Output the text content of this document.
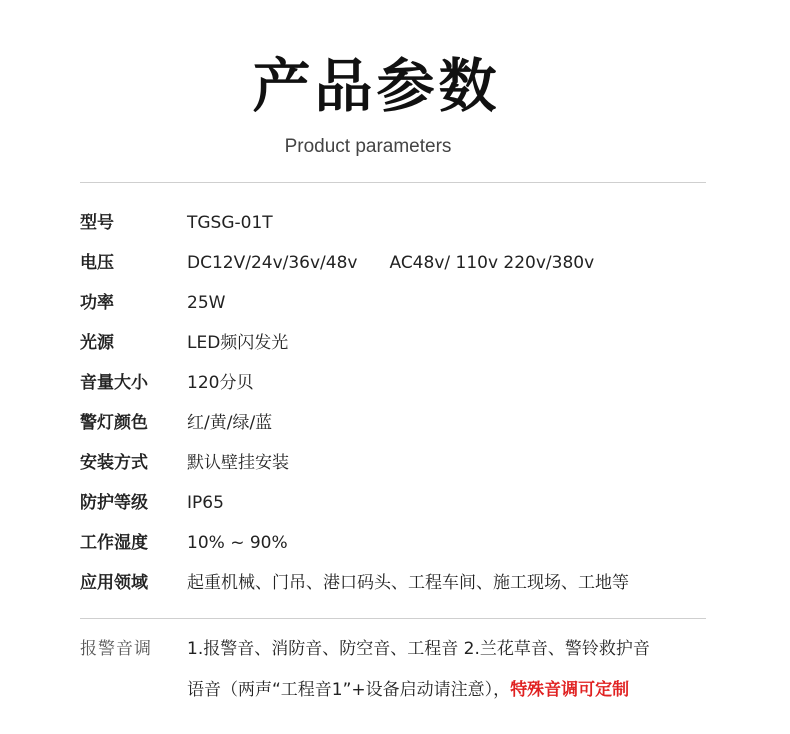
产品参数
Product parameters
型号	TGSG-01T
电压	DC12V/24v/36v/48v AC48v/ 110v 220v/380v
功率	25W
光源	LED频闪发光
音量大小 120分贝
警灯颜色 红/黄/绿/蓝
安装方式 默认壁挂安装
防护等级 IP65
工作湿度 10% ~ 90%
应用领域 起重机械、门吊、港口码头、工程车间、施工现场、工地等
报警音调 1.报警音、消防音、防空音、工程音 2.兰花草音、警铃救护音
语音（两声“工程音1”+设备启动请注意），特殊音调可定制
